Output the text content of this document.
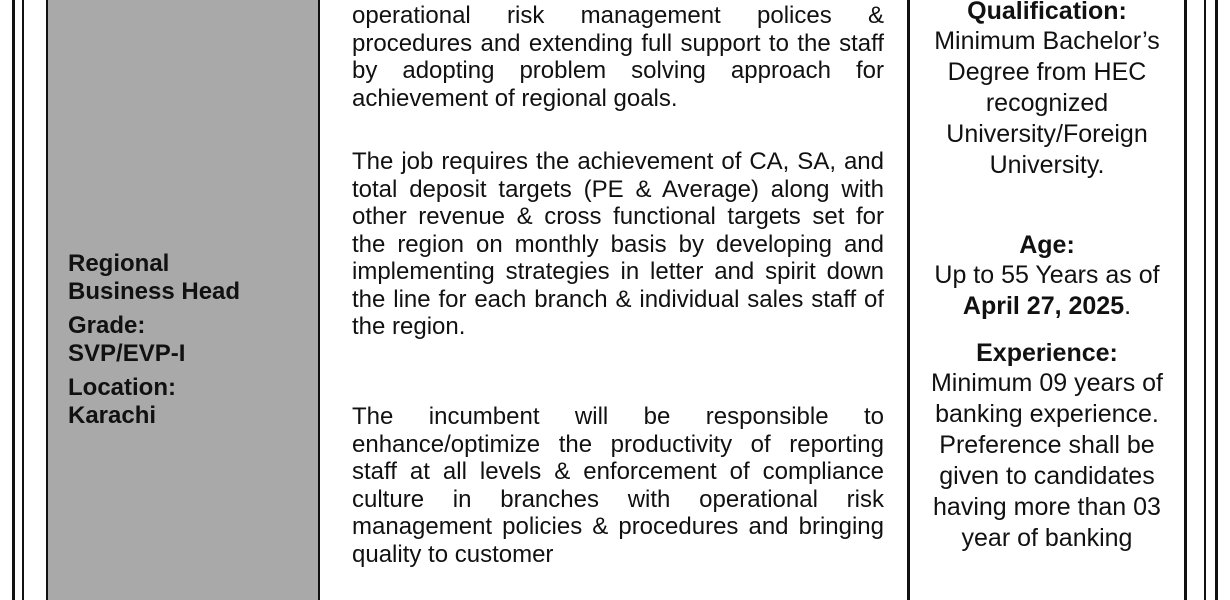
Regional
Business Head
Grade:
SVP/EVP-I
Location:
Karachi

operational risk management polices & procedures and extending full support to the staff by adopting problem solving approach for achievement of regional goals.

The job requires the achievement of CA, SA, and total deposit targets (PE & Average) along with other revenue & cross functional targets set for the region on monthly basis by developing and implementing strategies in letter and spirit down the line for each branch & individual sales staff of the region.

The incumbent will be responsible to enhance/optimize the productivity of reporting staff at all levels & enforcement of compliance culture in branches with operational risk management policies & procedures and bringing quality to customer

Qualification:

Minimum Bachelor’s Degree from HEC recognized University/Foreign University.

Age:

Up to 55 Years as of April 27, 2025.

Experience:

Minimum 09 years of banking experience. Preference shall be given to candidates having more than 03 year of banking
